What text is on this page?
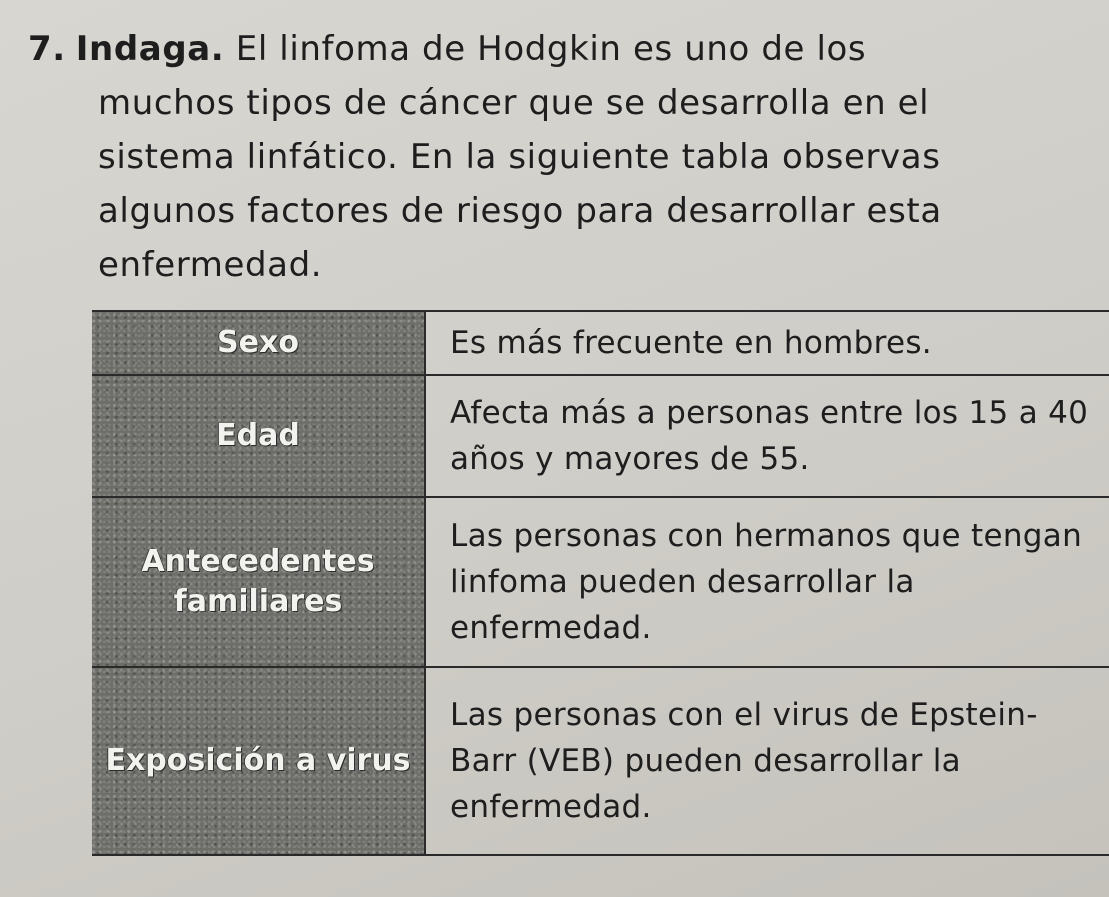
7. Indaga. El linfoma de Hodgkin es uno de los
muchos tipos de cáncer que se desarrolla en el
sistema linfático. En la siguiente tabla observas
algunos factores de riesgo para desarrollar esta
enfermedad.
Sexo	Es más frecuente en hombres.
Edad
Afecta más a personas entre los 15 a 40 años y mayores de 55.
Antecedentes familiares
Las personas con hermanos que tengan linfoma pueden desarrollar la enfermedad.
Exposición a virus
Las personas con el virus de Epstein-Barr (VEB) pueden desarrollar la enfermedad.
